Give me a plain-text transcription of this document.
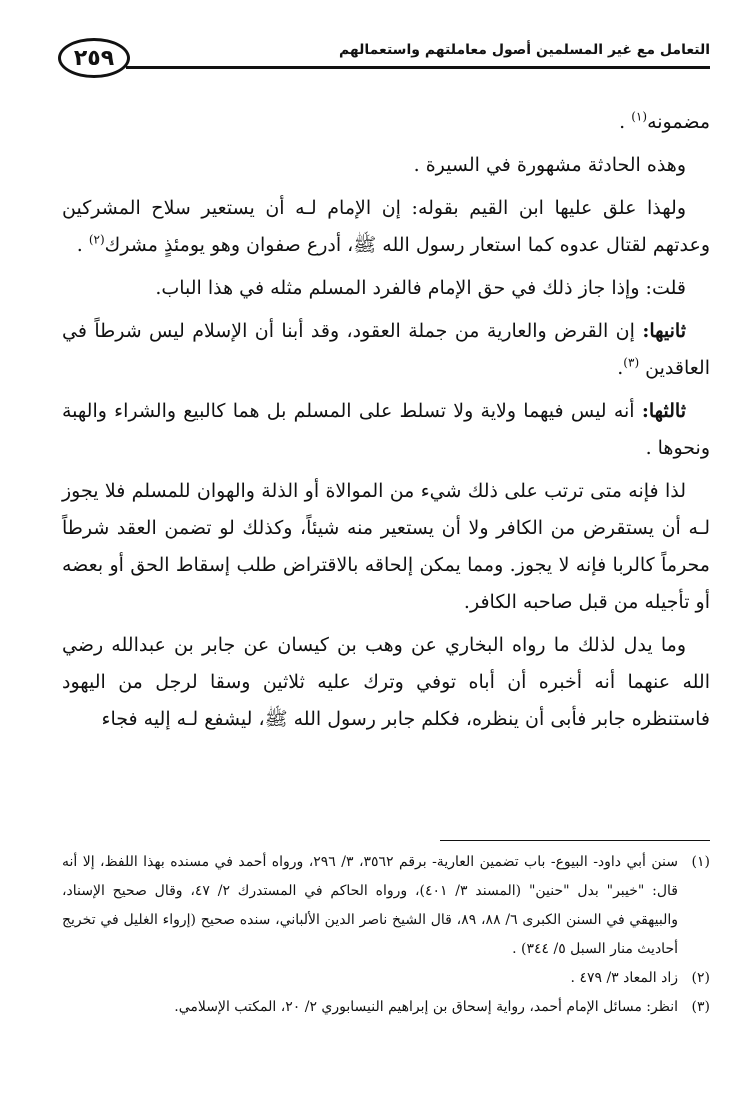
٢٥٩	التعامل مع غير المسلمين أصول معاملتهم واستعمالهم

مضمونه$^{(١)}$ .

وهذه الحادثة مشهورة في السيرة .

ولهذا علق عليها ابن القيم بقوله: إن الإمام لـه أن يستعير سلاح المشركين وعدتهم لقتال عدوه كما استعار رسول الله ﷺ، أدرع صفوان وهو يومئذٍ مشرك$^{(٢)}$ .

قلت: وإذا جاز ذلك في حق الإمام فالفرد المسلم مثله في هذا الباب.

ثانيها: إن القرض والعارية من جملة العقود، وقد أبنا أن الإسلام ليس شرطاً في العاقدين $^{(٣)}$.

ثالثها: أنه ليس فيهما ولاية ولا تسلط على المسلم بل هما كالبيع والشراء والهبة ونحوها .

لذا فإنه متى ترتب على ذلك شيء من الموالاة أو الذلة والهوان للمسلم فلا يجوز لـه أن يستقرض من الكافر ولا أن يستعير منه شيئاً، وكذلك لو تضمن العقد شرطاً محرماً كالربا فإنه لا يجوز. ومما يمكن إلحاقه بالاقتراض طلب إسقاط الحق أو بعضه أو تأجيله من قبل صاحبه الكافر.

وما يدل لذلك ما رواه البخاري عن وهب بن كيسان عن جابر بن عبدالله رضي الله عنهما أنه أخبره أن أباه توفي وترك عليه ثلاثين وسقا لرجل من اليهود فاستنظره جابر فأبى أن ينظره، فكلم جابر رسول الله ﷺ، ليشفع لـه إليه فجاء

(١)
سنن أبي داود- البيوع- باب تضمين العارية- برقم ٣٥٦٢، ٣/ ٢٩٦، ورواه أحمد في مسنده بهذا اللفظ، إلا أنه قال: "خيبر" بدل "حنين" (المسند ٣/ ٤٠١)، ورواه الحاكم في المستدرك ٢/ ٤٧، وقال صحيح الإسناد، والبيهقي في السنن الكبرى ٦/ ٨٨، ٨٩، قال الشيخ ناصر الدين الألباني، سنده صحيح (إرواء الغليل في تخريج أحاديث منار السبل ٥/ ٣٤٤) .
(٢)
زاد المعاد ٣/ ٤٧٩ .
(٣)
انظر: مسائل الإمام أحمد، رواية إسحاق بن إبراهيم النيسابوري ٢/ ٢٠، المكتب الإسلامي.
